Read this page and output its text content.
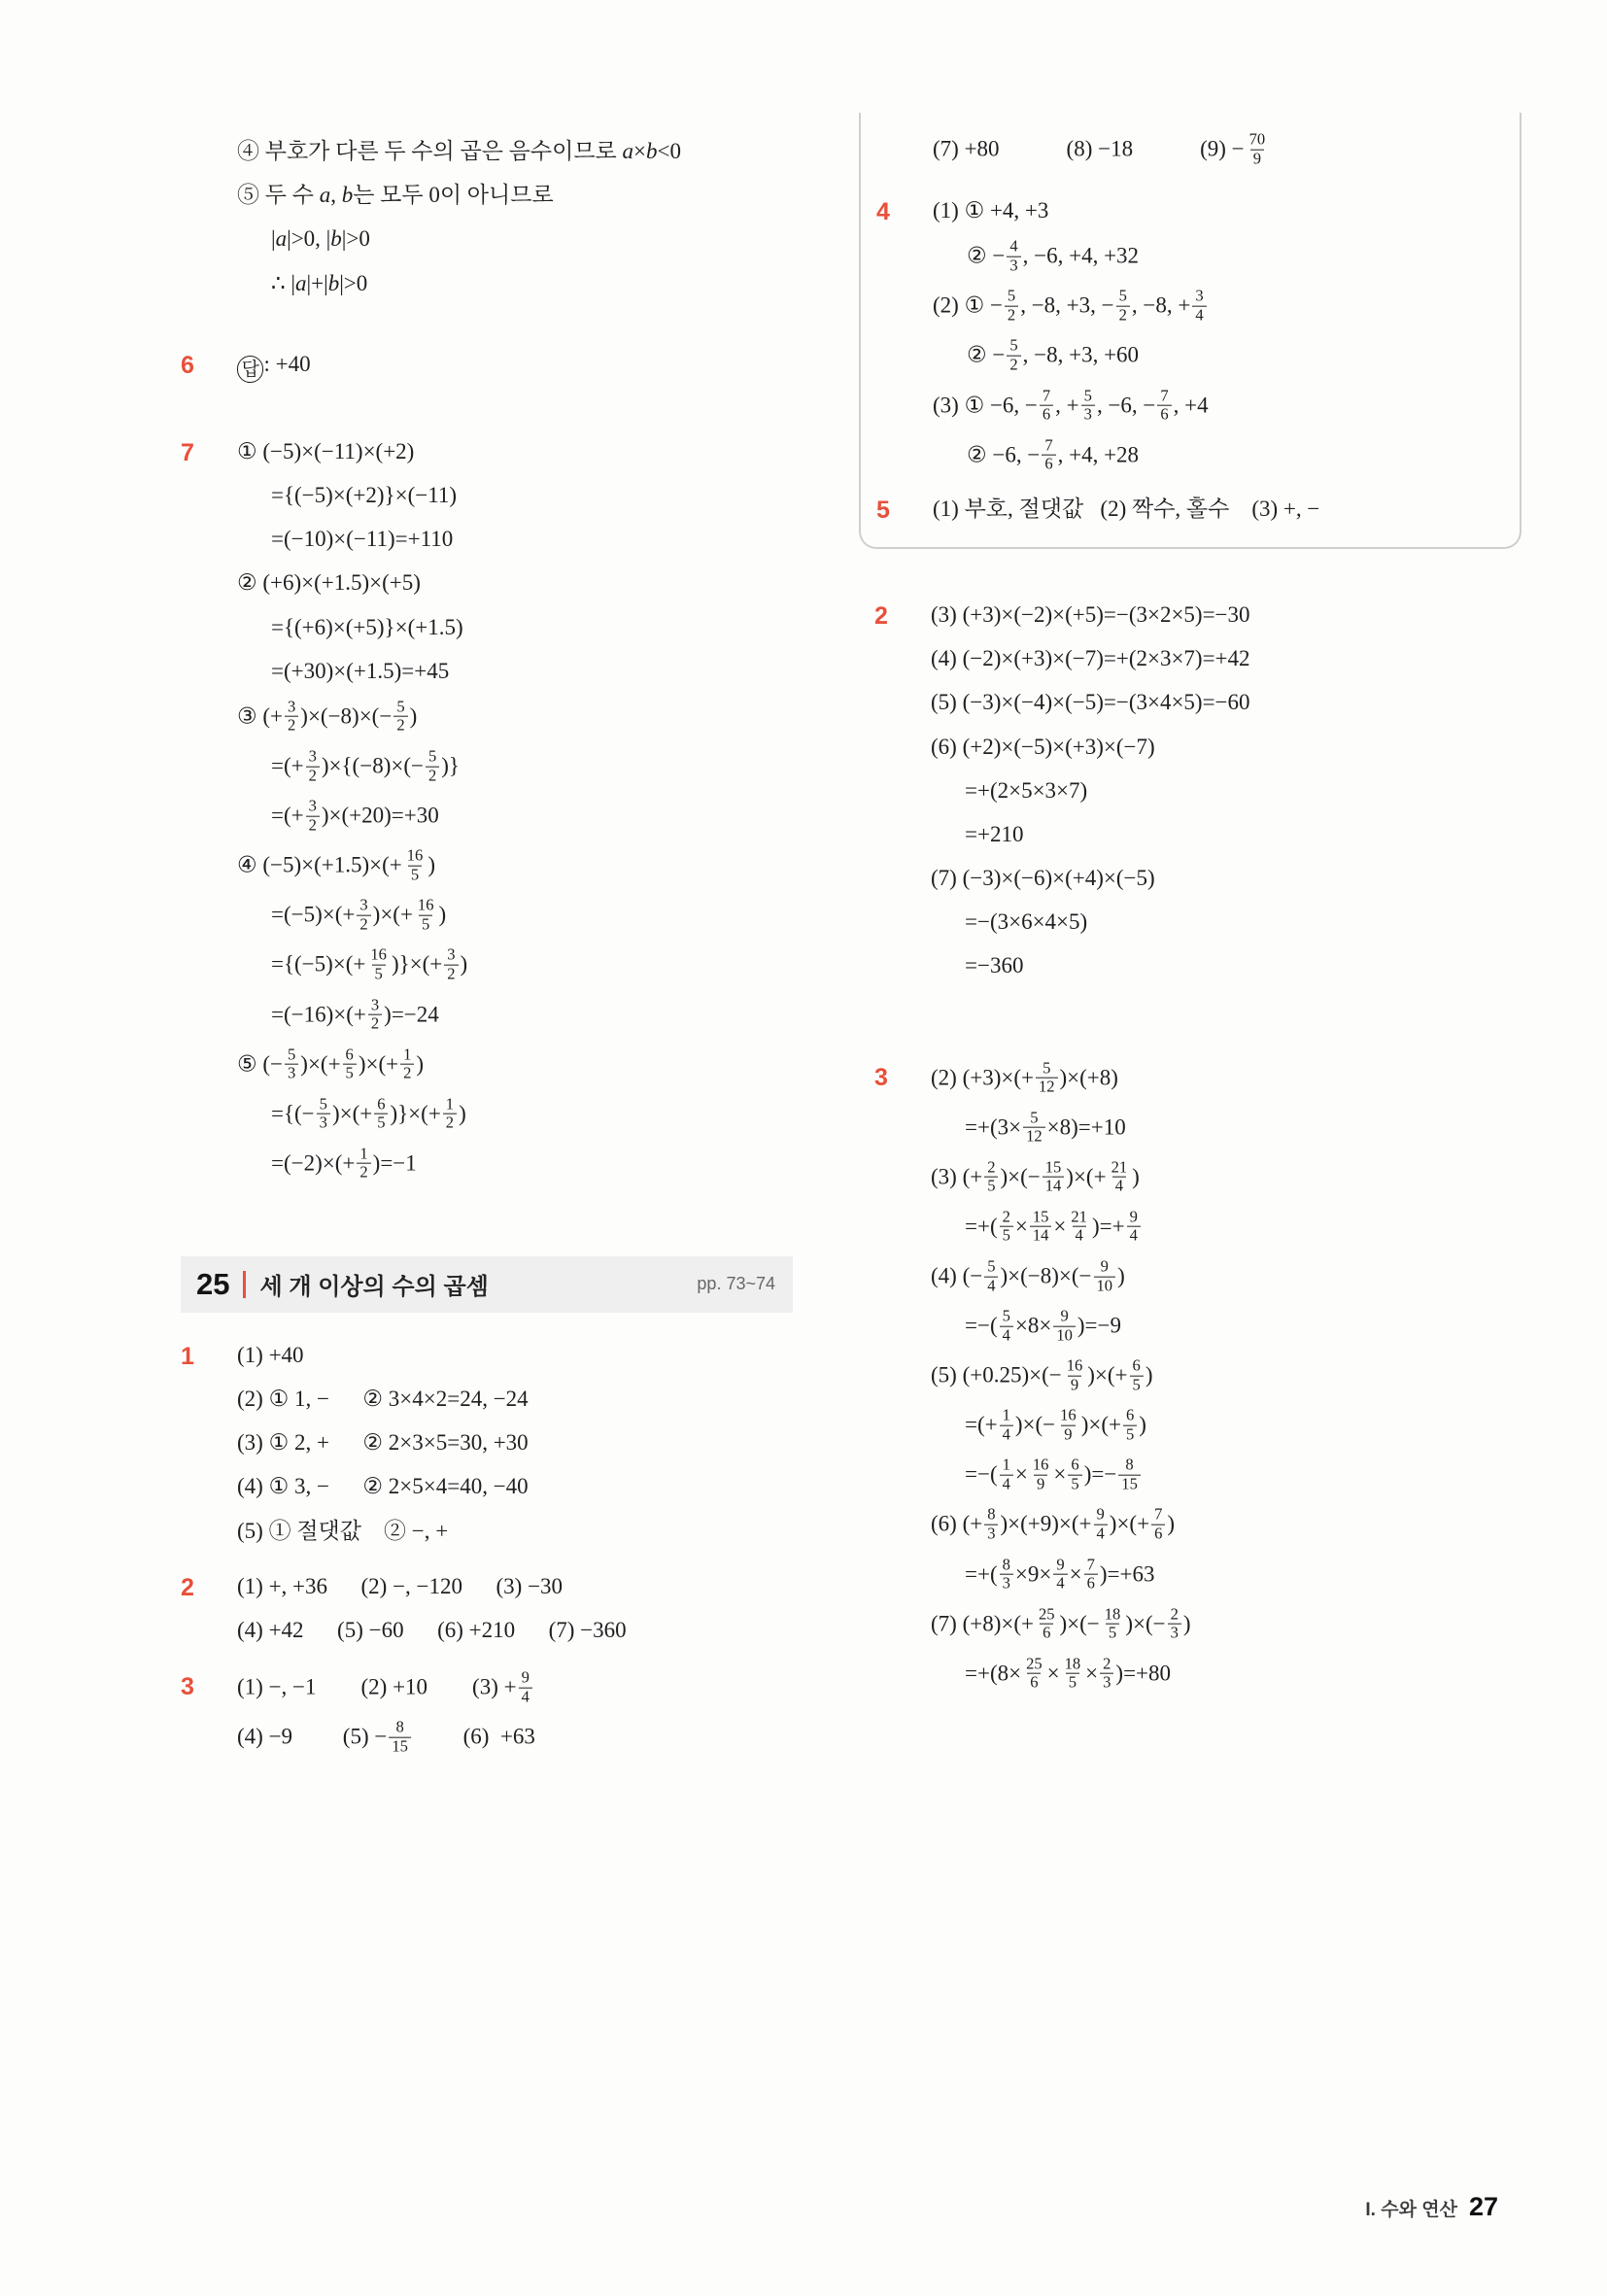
④ 부호가 다른 두 수의 곱은 음수이므로 a×b<0
⑤ 두 수 a, b는 모두 0이 아니므로
|a|>0, |b|>0
∴ |a|+|b|>0
6	답 : +40
7	① (−5)×(−11)×(+2)
={(−5)×(+2)}×(−11)
=(−10)×(−11)=+110
② (+6)×(+1.5)×(+5)
={(+6)×(+5)}×(+1.5)
=(+30)×(+1.5)=+45
③ (+ $\frac{3}{2} )\times(-8)\times(- \frac{5}{2}$ )
=(+ $\frac{3}{2} )\times\{(-8)\times(- \frac{5}{2}$ )}
=(+ $\frac{3}{2} )\times(+20)=+30$
④ $(-5)\times(+1.5)\times(+ \frac{16}{5}$ )
$=(-5)\times(+ \frac{3}{2}$ )×(+ $\frac{16}{5}$ )
$=\{(-5)\times(+ \frac{16}{5}$ )}×(+ $\frac{3}{2}$ )
$=(-16)\times(+ \frac{3}{2} )=-24$
⑤ (− $\frac{5}{3}$ )×(+ $\frac{6}{5}$ )×(+ $\frac{1}{2}$ )
={(− $\frac{5}{3}$ )×(+ $\frac{6}{5}$ )}×(+ $\frac{1}{2}$ )
$=(-2)\times(+ \frac{1}{2} )=-1$
25 세 개 이상의 수의 곱셈	pp. 73~74
1	(1) +40
(2) ① 1, −      ② 3×4×2=24, −24
(3) ① 2, +      ② 2×3×5=30, +30
(4) ① 3, −      ② 2×5×4=40, −40
(5) ① 절댓값    ② −, +
2	(1) +, +36      (2) −, −120      (3) −30
(4) +42      (5) −60      (6) +210      (7) −360
3	(1) −, −1        (2) +10        $(3) + \frac{9}{4}$
(4) −9         $(5) - \frac{8}{15} (6) +63$
(7) +80            (8) −18            $(9) - \frac{70}{9}$
4	(1) ① +4, +3
② − $\frac{4}{3}$ , −6, +4, +32
(2) ① − $\frac{5}{2}$ , −8, +3, − $\frac{5}{2}$ , −8, + $\frac{3}{4}$
② − $\frac{5}{2}$ , −8, +3, +60
(3) ① −6, − $\frac{7}{6}$ , + $\frac{5}{3}$ , −6, − $\frac{7}{6}$ , +4
② −6, − $\frac{7}{6}$ , +4, +28
5	(1) 부호, 절댓값   (2) 짝수, 홀수    (3) +, −
2	(3) (+3)×(−2)×(+5)=−(3×2×5)=−30
(4) (−2)×(+3)×(−7)=+(2×3×7)=+42
(5) (−3)×(−4)×(−5)=−(3×4×5)=−60
(6) (+2)×(−5)×(+3)×(−7)
=+(2×5×3×7)
=+210
(7) (−3)×(−6)×(+4)×(−5)
=−(3×6×4×5)
=−360
3	(2) $(+3)\times(+ \frac{5}{12} )\times(+8)$
$=+(3\times \frac{5}{12} \times 8)=+10$
(3) (+ $\frac{2}{5}$ )×(− $\frac{15}{14}$ )×(+ $\frac{21}{4}$ )
=+( $\frac{2}{5} \times \frac{15}{14} \times \frac{21}{4}$ )=+ $\frac{9}{4}$
(4) (− $\frac{5}{4} )\times(-8)\times(- \frac{9}{10}$ )
=−( $\frac{5}{4} \times 8\times \frac{9}{10} )=-9$
(5) $(+0.25)\times(- \frac{16}{9}$ )×(+ $\frac{6}{5}$ )
=(+ $\frac{1}{4}$ )×(− $\frac{16}{9}$ )×(+ $\frac{6}{5}$ )
=−( $\frac{1}{4} \times \frac{16}{9} \times \frac{6}{5}$ )=− $\frac{8}{15}$
(6) (+ $\frac{8}{3} )\times(+9)\times(+ \frac{9}{4}$ )×(+ $\frac{7}{6}$ )
=+( $\frac{8}{3} \times 9\times \frac{9}{4} \times \frac{7}{6} )=+63$
(7) $(+8)\times(+ \frac{25}{6}$ )×(− $\frac{18}{5}$ )×(− $\frac{2}{3}$ )
$=+(8\times \frac{25}{6} \times \frac{18}{5} \times \frac{2}{3} )=+80$
I. 수와 연산 27
